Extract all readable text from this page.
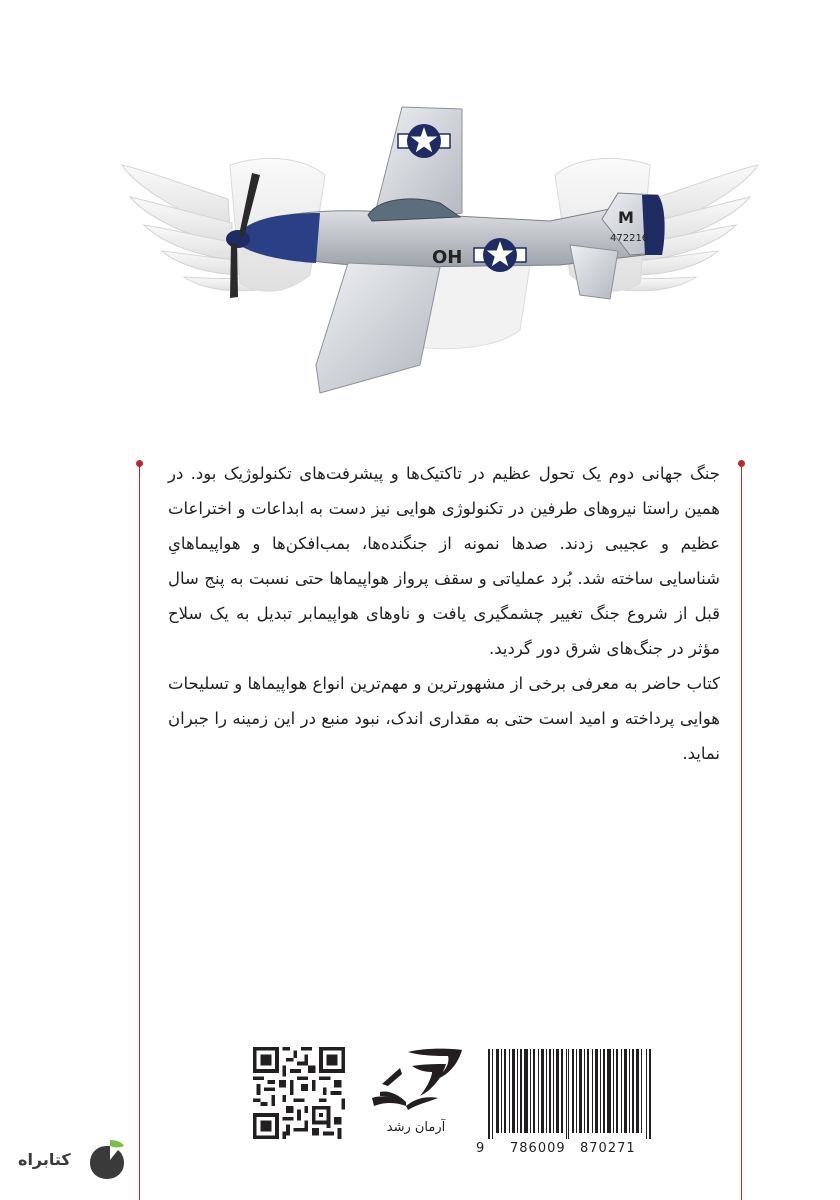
OH
M
472216

جنگ جهانی دوم یک تحول عظیم در تاکتیک‌ها و پیشرفت‌های تکنولوژیک بود. در همین راستا نیروهای طرفین در تکنولوژی هوایی نیز دست به ابداعات و اختراعات عظیم و عجیبی زدند. صدها نمونه از جنگنده‌ها، بمب‌افکن‌ها و هواپیماهایِ شناسایی ساخته شد. بُرد عملیاتی و سقف پرواز هواپیماها حتی نسبت به پنج سال قبل از شروع جنگ تغییر چشمگیری یافت و ناوهای هواپیمابر تبدیل به یک سلاح مؤثر در جنگ‌های شرق دور گردید.

کتاب حاضر به معرفی برخی از مشهورترین و مهم‌ترین انواع هواپیماها و تسلیحات هوایی پرداخته و امید است حتی به مقداری اندک، نبود منبع در این زمینه را جبران نماید.

آرمان رشد
9 786009 870271
کتابراه
